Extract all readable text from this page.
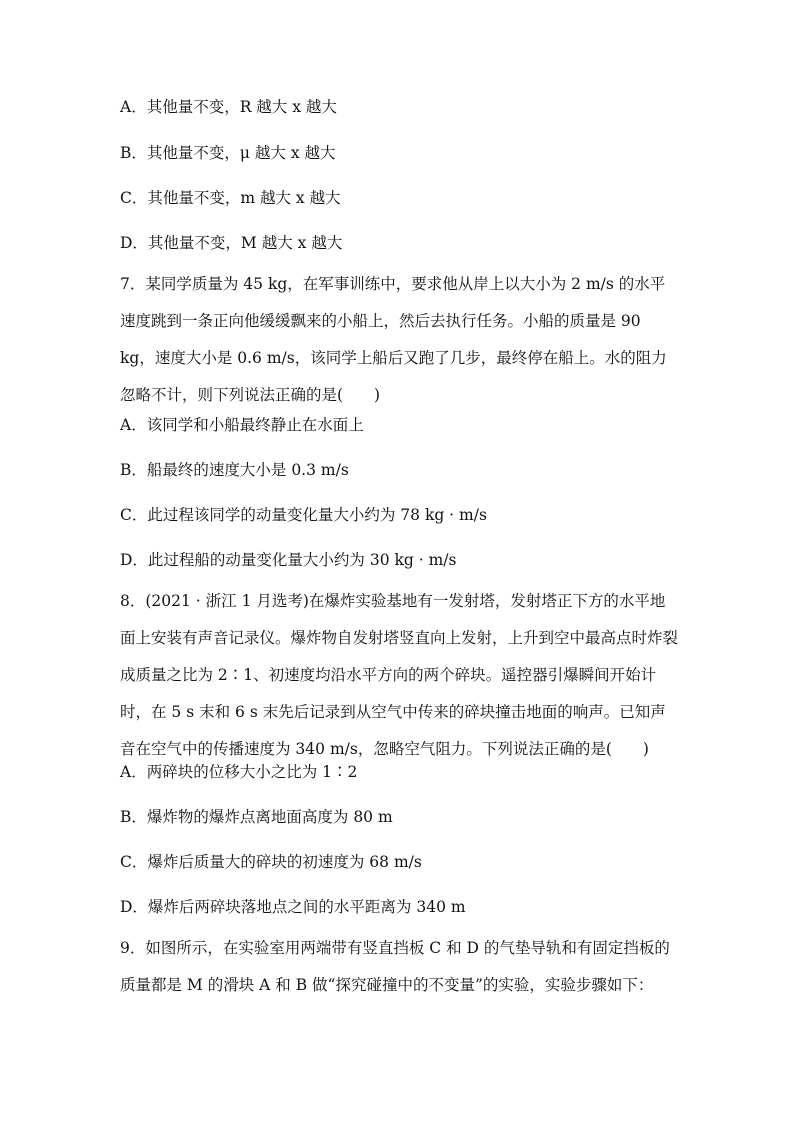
A．其他量不变，R 越大 x 越大
B．其他量不变，μ 越大 x 越大
C．其他量不变，m 越大 x 越大
D．其他量不变，M 越大 x 越大
7．某同学质量为 45 kg，在军事训练中，要求他从岸上以大小为 2 m/s 的水平速度跳到一条正向他缓缓飘来的小船上，然后去执行任务。小船的质量是 90 kg，速度大小是 0.6 m/s，该同学上船后又跑了几步，最终停在船上。水的阻力忽略不计，则下列说法正确的是(　　)
A．该同学和小船最终静止在水面上
B．船最终的速度大小是 0.3 m/s
C．此过程该同学的动量变化量大小约为 78 kg · m/s
D．此过程船的动量变化量大小约为 30 kg · m/s
8．(2021 · 浙江 1 月选考)在爆炸实验基地有一发射塔，发射塔正下方的水平地面上安装有声音记录仪。爆炸物自发射塔竖直向上发射，上升到空中最高点时炸裂成质量之比为 2∶1、初速度均沿水平方向的两个碎块。遥控器引爆瞬间开始计时，在 5 s 末和 6 s 末先后记录到从空气中传来的碎块撞击地面的响声。已知声音在空气中的传播速度为 340 m/s，忽略空气阻力。下列说法正确的是(　　)
A．两碎块的位移大小之比为 1∶2
B．爆炸物的爆炸点离地面高度为 80 m
C．爆炸后质量大的碎块的初速度为 68 m/s
D．爆炸后两碎块落地点之间的水平距离为 340 m
9．如图所示，在实验室用两端带有竖直挡板 C 和 D 的气垫导轨和有固定挡板的质量都是 M 的滑块 A 和 B 做“探究碰撞中的不变量”的实验，实验步骤如下：
